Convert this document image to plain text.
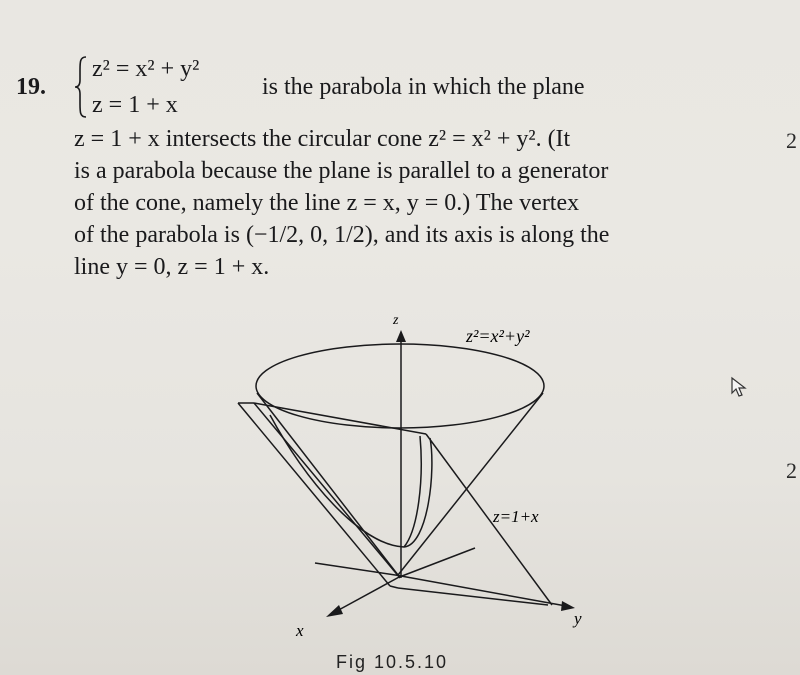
19.
z² = x² + y²
z = 1 + x
is the parabola in which the plane
z = 1 + x intersects the circular cone z² = x² + y². (It
is a parabola because the plane is parallel to a generator
of the cone, namely the line z = x, y = 0.) The vertex
of the parabola is (−1/2, 0, 1/2), and its axis is along the
line y = 0, z = 1 + x.
2
2
z
y
x
z²=x²+y²
z=1+x
Fig 10.5.10
